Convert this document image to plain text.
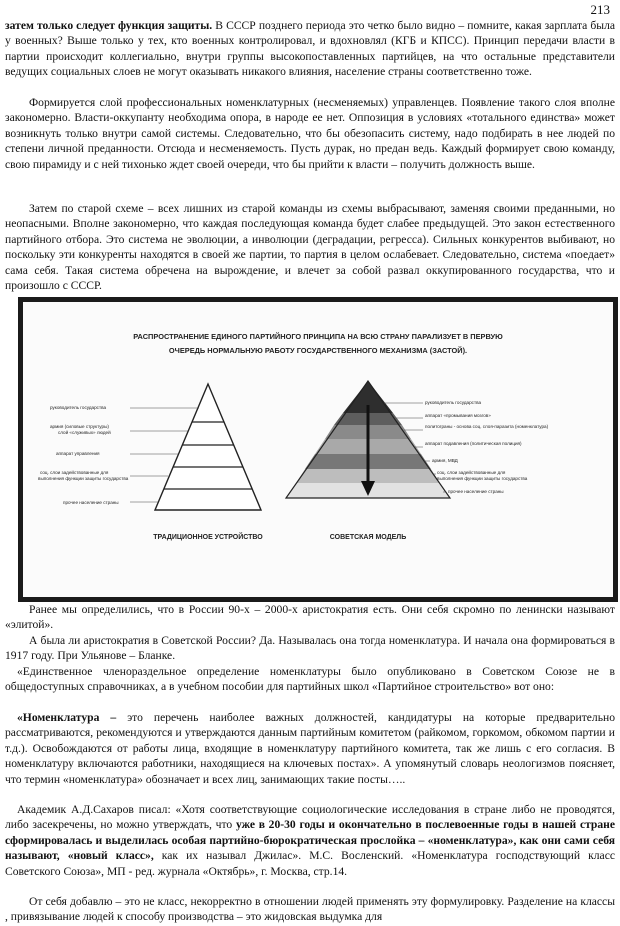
213

затем только следует функция защиты. В СССР позднего периода это четко было видно – помните, какая зарплата была у военных? Выше только у тех, кто военных контролировал, и вдохновлял (КГБ и КПСС). Принцип передачи власти в партии происходит коллегиально, внутри группы высокопоставленных партийцев, на что остальные представители ведущих социальных слоев не могут оказывать никакого влияния, население страны соответственно тоже.

Формируется слой профессиональных номенклатурных (несменяемых) управленцев. Появление такого слоя вполне закономерно. Власти-оккупанту необходима опора, в народе ее нет. Оппозиция в условиях «тотального единства» может возникнуть только внутри самой системы. Следовательно, что бы обезопасить систему, надо подбирать в нее людей по степени личной преданности. Отсюда и несменяемость. Пусть дурак, но предан ведь. Каждый формирует свою команду, свою пирамиду и с ней тихонько ждет своей очереди, что бы прийти к власти – получить должность выше.

Затем по старой схеме – всех лишних из старой команды из схемы выбрасывают, заменяя своими преданными, но неопасными. Вполне закономерно, что каждая последующая команда будет слабее предыдущей. Это закон естественного партийного отбора. Это система не эволюции, а инволюции (деградации, регресса). Сильных конкурентов выбивают, но поскольку эти конкуренты находятся в своей же партии, то партия в целом ослабевает. Следовательно, система «поедает» сама себя. Такая система обречена на вырождение, и влечет за собой развал оккупированного государства, что и произошло с СССР.

РАСПРОСТРАНЕНИЕ ЕДИНОГО ПАРТИЙНОГО ПРИНЦИПА НА ВСЮ СТРАНУ ПАРАЛИЗУЕТ В ПЕРВУЮ
ОЧЕРЕДЬ НОРМАЛЬНУЮ РАБОТУ ГОСУДАРСТВЕННОГО МЕХАНИЗМА (ЗАСТОЙ).
руководитель государства
армия (силовые структуры)
слой «служивых» людей
аппарат управления
соц. слои задействованные для
выполнения функции защиты государства
прочее население страны
руководитель государства
аппарат «промывания мозгов»
политограны - основа соц. слоя-паразита (номенклатура)
аппарат подавления (политическая полиция)
армия, МВД
соц. слои задействованные для
выполнения функции защиты государства
прочее население страны
ТРАДИЦИОННОЕ УСТРОЙСТВО	СОВЕТСКАЯ МОДЕЛЬ

Ранее мы определились, что в России 90-х – 2000-х аристократия есть. Они себя скромно по ленински называют «элитой».

А была ли аристократия в Советской России? Да. Называлась она тогда номенклатура. И начала она формироваться в 1917 году. При Ульянове – Бланке.

«Единственное членораздельное определение номенклатуры было опубликовано в Советском Союзе не в общедоступных справочниках, а в учебном пособии для партийных школ «Партийное строительство» вот оно:

«Номенклатура – это перечень наиболее важных должностей, кандидатуры на которые предварительно рассматриваются, рекомендуются и утверждаются данным партийным комитетом (райкомом, горкомом, обкомом партии и т.д.). Освобождаются от работы лица, входящие в номенклатуру партийного комитета, так же лишь с его согласия. В номенклатуру включаются работники, находящиеся на ключевых постах». А упомянутый словарь неологизмов поясняет, что термин «номенклатура» обозначает и всех лиц, занимающих такие посты…..

Академик А.Д.Сахаров писал: «Хотя соответствующие социологические исследования в стране либо не проводятся, либо засекречены, но можно утверждать, что уже в 20-30 годы и окончательно в послевоенные годы в нашей стране сформировалась и выделилась особая партийно-бюрократическая прослойка – «номенклатура», как они сами себя называют, «новый класс», как их называл Джилас». М.С. Восленский. «Номенклатура господствующий класс Советского Союза», МП - ред. журнала «Октябрь», г. Москва, стр.14.

От себя добавлю – это не класс, некорректно в отношении людей применять эту формулировку. Разделение на классы , привязывание людей к способу производства – это жидовская выдумка для
